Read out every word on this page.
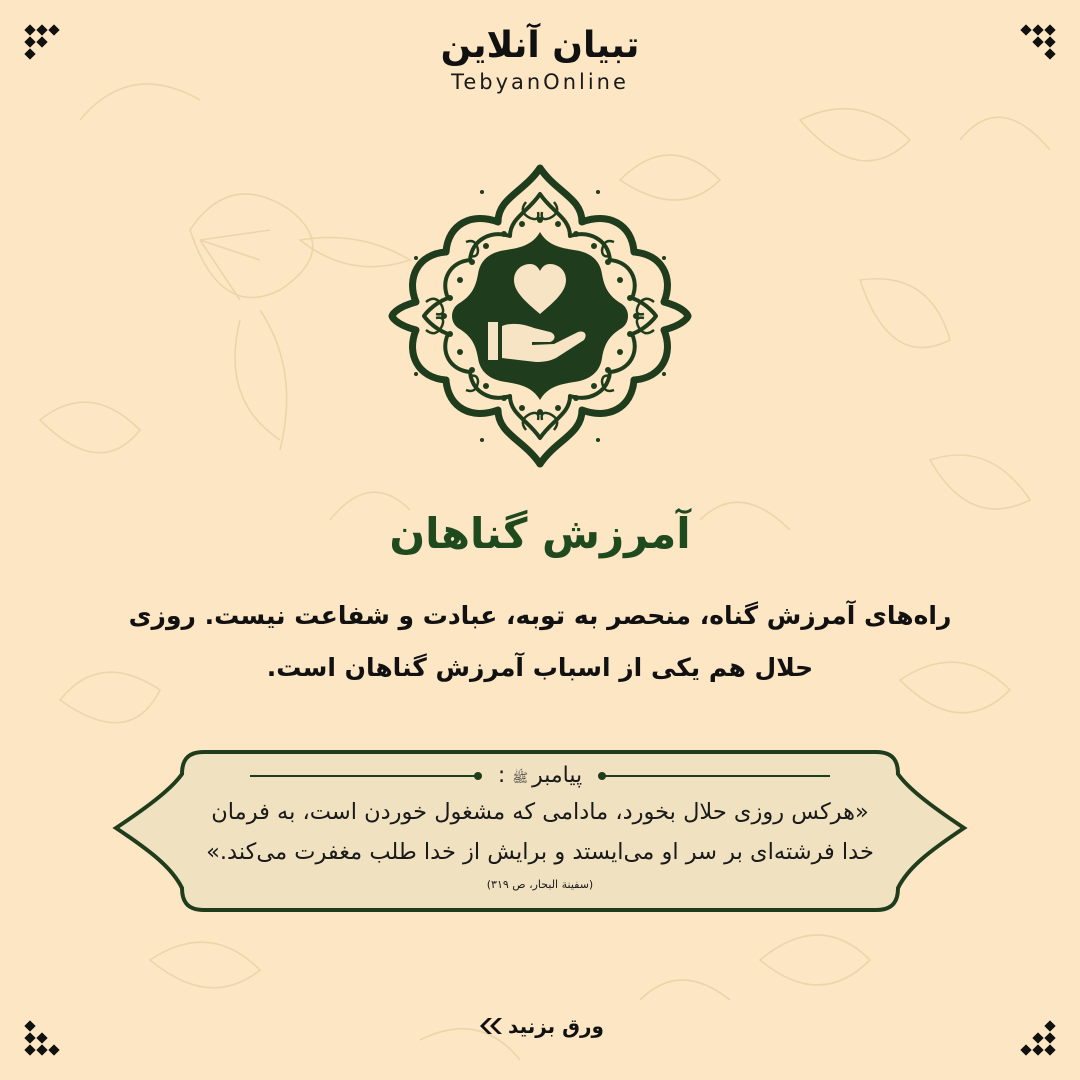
تبیان آنلاین
TebyanOnline
آمرزش گناهان
راه‌های آمرزش گناه، منحصر به توبه، عبادت و شفاعت نیست. روزی
حلال هم یکی از اسباب آمرزش گناهان است.
پیامبرﷺ :
«هرکس روزی حلال بخورد، مادامی که مشغول خوردن است، به فرمان
خدا فرشته‌ای بر سر او می‌ایستد و برایش از خدا طلب مغفرت می‌کند.»
(سفینة البحار، ص ۳۱۹)
ورق بزنید
